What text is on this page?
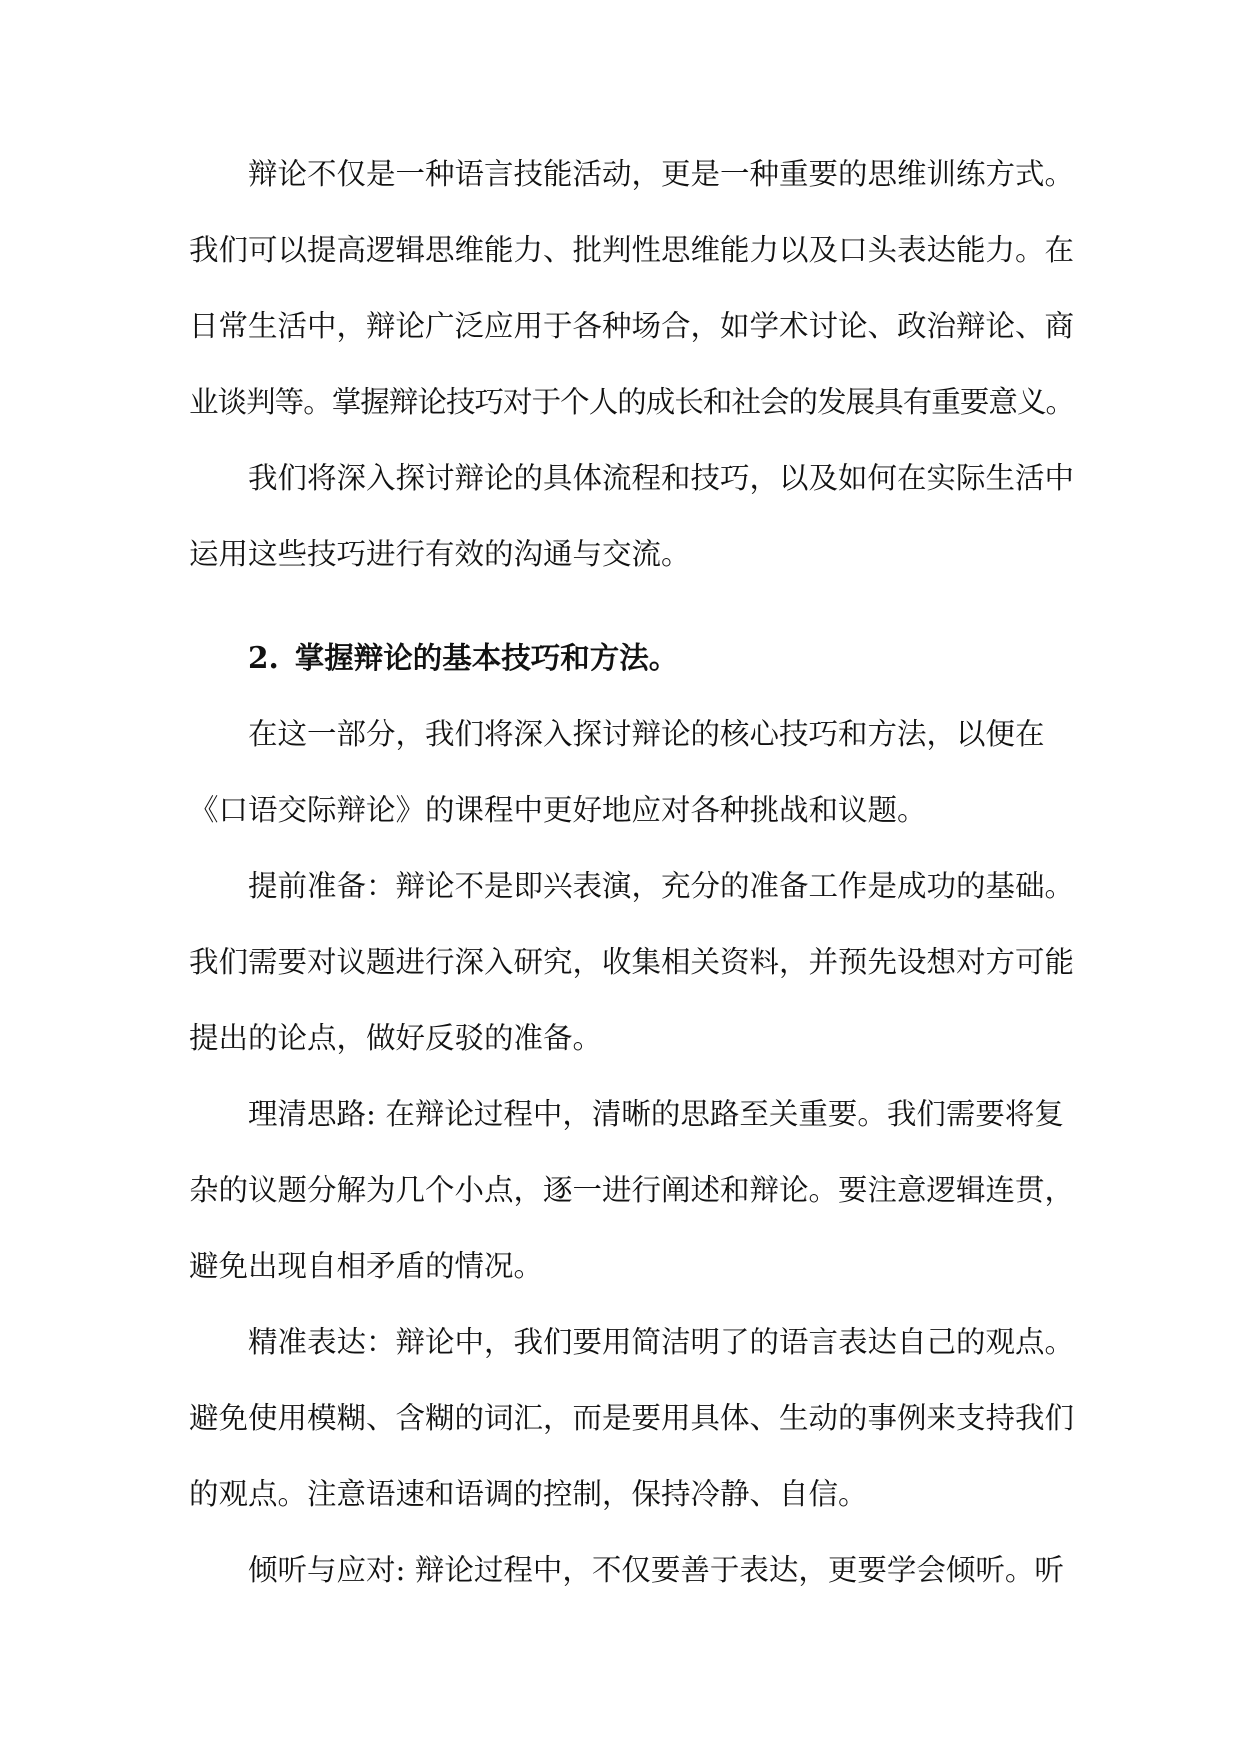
辩论不仅是一种语言技能活动，更是一种重要的思维训练方式。
我们可以提高逻辑思维能力、批判性思维能力以及口头表达能力。在
日常生活中，辩论广泛应用于各种场合，如学术讨论、政治辩论、商
业谈判等。掌握辩论技巧对于个人的成长和社会的发展具有重要意义。
我们将深入探讨辩论的具体流程和技巧，以及如何在实际生活中
运用这些技巧进行有效的沟通与交流。
2. 掌握辩论的基本技巧和方法。
在这一部分，我们将深入探讨辩论的核心技巧和方法，以便在
《口语交际辩论》的课程中更好地应对各种挑战和议题。
提前准备：辩论不是即兴表演，充分的准备工作是成功的基础。
我们需要对议题进行深入研究，收集相关资料，并预先设想对方可能
提出的论点，做好反驳的准备。
理清思路: 在辩论过程中，清晰的思路至关重要。我们需要将复
杂的议题分解为几个小点，逐一进行阐述和辩论。要注意逻辑连贯，
避免出现自相矛盾的情况。
精准表达：辩论中，我们要用简洁明了的语言表达自己的观点。
避免使用模糊、含糊的词汇，而是要用具体、生动的事例来支持我们
的观点。注意语速和语调的控制，保持冷静、自信。
倾听与应对: 辩论过程中，不仅要善于表达，更要学会倾听。听
